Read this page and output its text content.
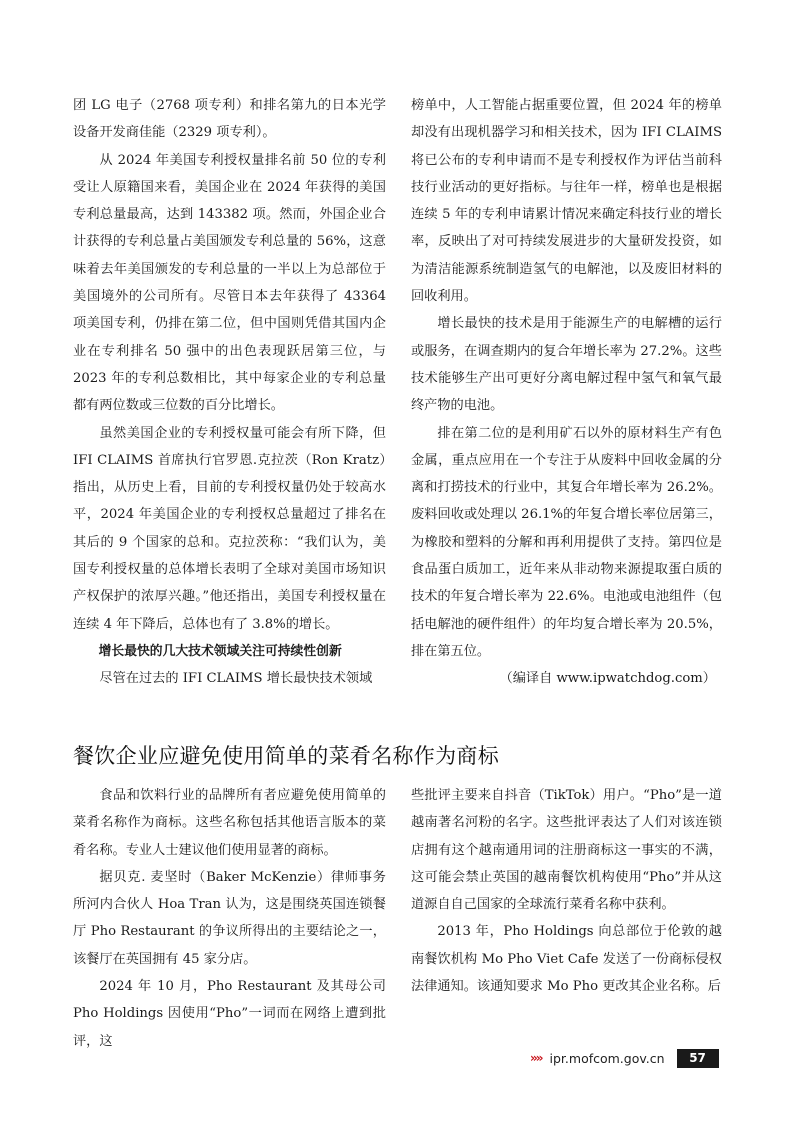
团 LG 电子（2768 项专利）和排名第九的日本光学设备开发商佳能（2329 项专利）。

从 2024 年美国专利授权量排名前 50 位的专利受让人原籍国来看，美国企业在 2024 年获得的美国专利总量最高，达到 143382 项。然而，外国企业合计获得的专利总量占美国颁发专利总量的 56%，这意味着去年美国颁发的专利总量的一半以上为总部位于美国境外的公司所有。尽管日本去年获得了 43364 项美国专利，仍排在第二位，但中国则凭借其国内企业在专利排名 50 强中的出色表现跃居第三位，与 2023 年的专利总数相比，其中每家企业的专利总量都有两位数或三位数的百分比增长。

虽然美国企业的专利授权量可能会有所下降，但 IFI CLAIMS 首席执行官罗恩.克拉茨（Ron Kratz）指出，从历史上看，目前的专利授权量仍处于较高水平，2024 年美国企业的专利授权总量超过了排名在其后的 9 个国家的总和。克拉茨称：“我们认为，美国专利授权量的总体增长表明了全球对美国市场知识产权保护的浓厚兴趣。”他还指出，美国专利授权量在连续 4 年下降后，总体也有了 3.8%的增长。

增长最快的几大技术领域关注可持续性创新

尽管在过去的 IFI CLAIMS 增长最快技术领域

榜单中，人工智能占据重要位置，但 2024 年的榜单却没有出现机器学习和相关技术，因为 IFI CLAIMS 将已公布的专利申请而不是专利授权作为评估当前科技行业活动的更好指标。与往年一样，榜单也是根据连续 5 年的专利申请累计情况来确定科技行业的增长率，反映出了对可持续发展进步的大量研发投资，如为清洁能源系统制造氢气的电解池，以及废旧材料的回收利用。

增长最快的技术是用于能源生产的电解槽的运行或服务，在调查期内的复合年增长率为 27.2%。这些技术能够生产出可更好分离电解过程中氢气和氧气最终产物的电池。

排在第二位的是利用矿石以外的原材料生产有色金属，重点应用在一个专注于从废料中回收金属的分离和打捞技术的行业中，其复合年增长率为 26.2%。废料回收或处理以 26.1%的年复合增长率位居第三，为橡胶和塑料的分解和再利用提供了支持。第四位是食品蛋白质加工，近年来从非动物来源提取蛋白质的技术的年复合增长率为 22.6%。电池或电池组件（包括电解池的硬件组件）的年均复合增长率为 20.5%，排在第五位。

（编译自 www.ipwatchdog.com）

餐饮企业应避免使用简单的菜肴名称作为商标

食品和饮料行业的品牌所有者应避免使用简单的菜肴名称作为商标。这些名称包括其他语言版本的菜肴名称。专业人士建议他们使用显著的商标。

据贝克. 麦坚时（Baker McKenzie）律师事务所河内合伙人 Hoa Tran 认为，这是围绕英国连锁餐厅 Pho Restaurant 的争议所得出的主要结论之一，该餐厅在英国拥有 45 家分店。

2024 年 10 月，Pho Restaurant 及其母公司 Pho Holdings 因使用“Pho”一词而在网络上遭到批评，这

些批评主要来自抖音（TikTok）用户。“Pho”是一道越南著名河粉的名字。这些批评表达了人们对该连锁店拥有这个越南通用词的注册商标这一事实的不满，这可能会禁止英国的越南餐饮机构使用“Pho”并从这道源自自己国家的全球流行菜肴名称中获利。

2013 年，Pho Holdings 向总部位于伦敦的越南餐饮机构 Mo Pho Viet Cafe 发送了一份商标侵权法律通知。该通知要求 Mo Pho 更改其企业名称。后

»» ipr.mofcom.gov.cn	57
